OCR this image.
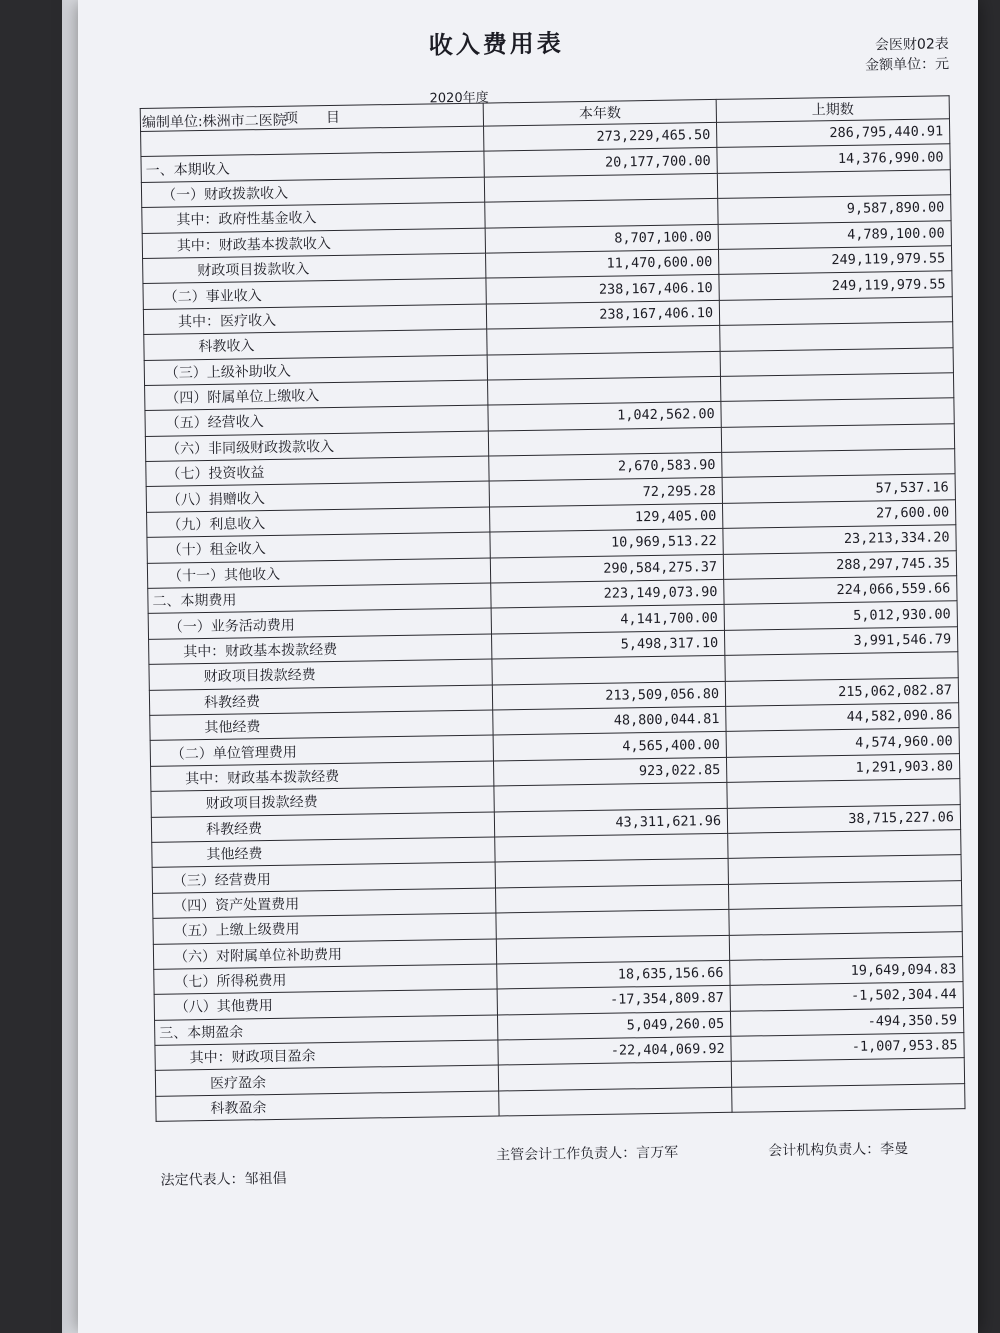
收入费用表	会医财02表
金额单位：元
2020年度
编制单位:株洲市二医院
项　　目	本年数	上期数
	273,229,465.50	286,795,440.91
一、本期收入	20,177,700.00	14,376,990.00
（一）财政拨款收入		
其中：政府性基金收入		9,587,890.00
其中：财政基本拨款收入	8,707,100.00	4,789,100.00
财政项目拨款收入	11,470,600.00	249,119,979.55
（二）事业收入	238,167,406.10	249,119,979.55
其中：医疗收入	238,167,406.10	
科教收入		
（三）上级补助收入		
（四）附属单位上缴收入		
（五）经营收入	1,042,562.00	
（六）非同级财政拨款收入		
（七）投资收益	2,670,583.90	
（八）捐赠收入	72,295.28	57,537.16
（九）利息收入	129,405.00	27,600.00
（十）租金收入	10,969,513.22	23,213,334.20
（十一）其他收入	290,584,275.37	288,297,745.35
二、本期费用	223,149,073.90	224,066,559.66
（一）业务活动费用	4,141,700.00	5,012,930.00
其中：财政基本拨款经费	5,498,317.10	3,991,546.79
财政项目拨款经费		
科教经费	213,509,056.80	215,062,082.87
其他经费	48,800,044.81	44,582,090.86
（二）单位管理费用	4,565,400.00	4,574,960.00
其中：财政基本拨款经费	923,022.85	1,291,903.80
财政项目拨款经费		
科教经费	43,311,621.96	38,715,227.06
其他经费		
（三）经营费用		
（四）资产处置费用		
（五）上缴上级费用		
（六）对附属单位补助费用		
（七）所得税费用	18,635,156.66	19,649,094.83
（八）其他费用	-17,354,809.87	-1,502,304.44
三、本期盈余	5,049,260.05	-494,350.59
其中：财政项目盈余	-22,404,069.92	-1,007,953.85
医疗盈余		
科教盈余		
法定代表人：邹祖倡
主管会计工作负责人：言万军	会计机构负责人：李曼
